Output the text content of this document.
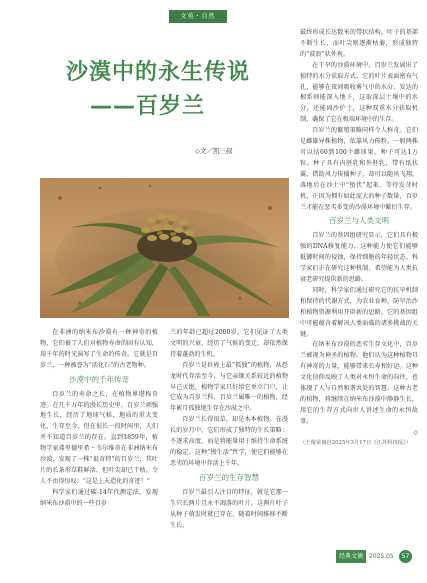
文苑・自然
沙漠中的永生传说
——百岁兰
◇文／凯三叔

在非洲的纳米布沙漠有一种神奇的植物，它们被了人们对植物寿命的固有认知，用千年的时光演写了生命的传奇。它就是百岁兰，一种被誉为“活化石”的古老物种。

沙漠中的千年传奇

百岁兰的寿命之长，在植物界堪称奇迹。在几千万年的漫长历史里，百岁兰顽强地生长，经历了地球气候、地质的重大变化，生存至今。但在很长一段时间里，人们并不知道百岁兰的存在。直到1859年，植物学家弗里德里希・韦尔维奇在非洲纳米布沙漠，发现了一株“很奇特”的百岁兰，其叶片的长条形草鞋鲜活，但叶尖却已干枯，令人不由得惊叹：“这是上天造化的奇迹！”

科学家们通过碳-14年代测定法，发现纳米布沙漠中的一些百岁

兰的年龄已超过2000岁。它们见证了人类文明的兴衰，经历了气候的变迁，却依然保持着蓬勃的生机。

百岁兰是世界上最“孤独”的植物，从恐龙时代存活至今，与它亲缘关系较近的植物早已灭绝，植物学家只好给它单立门户，让它成为百岁兰科、百岁兰属唯一的植物，经年累月孤独地生存在沙漠之中。

百岁兰长得很草，却是木本植物。在漫长的岁月中，它们形成了独特的生长策略：不逐求高度，而是将能量用于维持生命系统的稳定。这种“慢生活”哲学，使它们能够在恶劣的环境中存活上千年。

百岁兰的生存智慧

百岁兰最引人注目的特征，就是它那一生只长两片且永不凋落的叶片。这两片叶子从种子萌发时就已存在，随着时间推移不断生长，

最终形成长达数米的带状结构。叶子的基部不断生长，而叶尖则逐渐枯萎，形成独特的“波浪”状外观。

在干旱的沙漠环境中，百岁兰发展出了独特的水分获取方式。它的叶片表面密布气孔，能够在夜间吸收雾气中的水分。发达的根系则能深入地下，这取深层土壤中的水分，还能固沙护土，这种双重水分获取机制，确保了它在极端环境中的生存。

百岁兰的繁殖策略同样令人称奇。它们是雌雄异株植物，依靠风力传粉。一般两株可以结60到100个雌球果，种子可达1万粒。种子具有内胚乳和外胚乳，带有纸状翼，借助风力传播种子，却可以随风飞翔，落地后在沙土中“蛰伏”起来，等待发芽时机，正因为拥有如此庞大的种子数量，百岁兰才能在恶劣多变的沙漠环境中繁衍生存。

百岁兰与人类文明

百岁兰的基因组研究显示，它们具有极强的DNA修复能力，这种能力使它们能够抵御时间的侵蚀，保持细胞的年轻状态。科学家们正在研究这种机制，希望能为人类抗衰老研究提供新的思路。

同时，科学家们通过研究它的抗旱机制和保持的代谢方式，为农业育种、防旱治沙和植物资源利用开辟新的思路。它的基因组中可能蕴含着解决人类面临的诸多挑战的关键。

在纳米布沙漠的恶劣生存文化中，百岁兰被视为神圣的植物。他们认为这种植物具有神奇的力量，能够带来长寿和好运。这种文化信仰反映了人类对永恒生命的向往，也体现了人与自然和谐共处的智慧。这种古老的植物，将继续在纳米布沙漠中静静生长，用它的生存方式向世人讲述生命的永恒故事。

◇
（王俊荣摘自2025年3月17日《江苏科技报》）
经典文摘	2025.05	57
